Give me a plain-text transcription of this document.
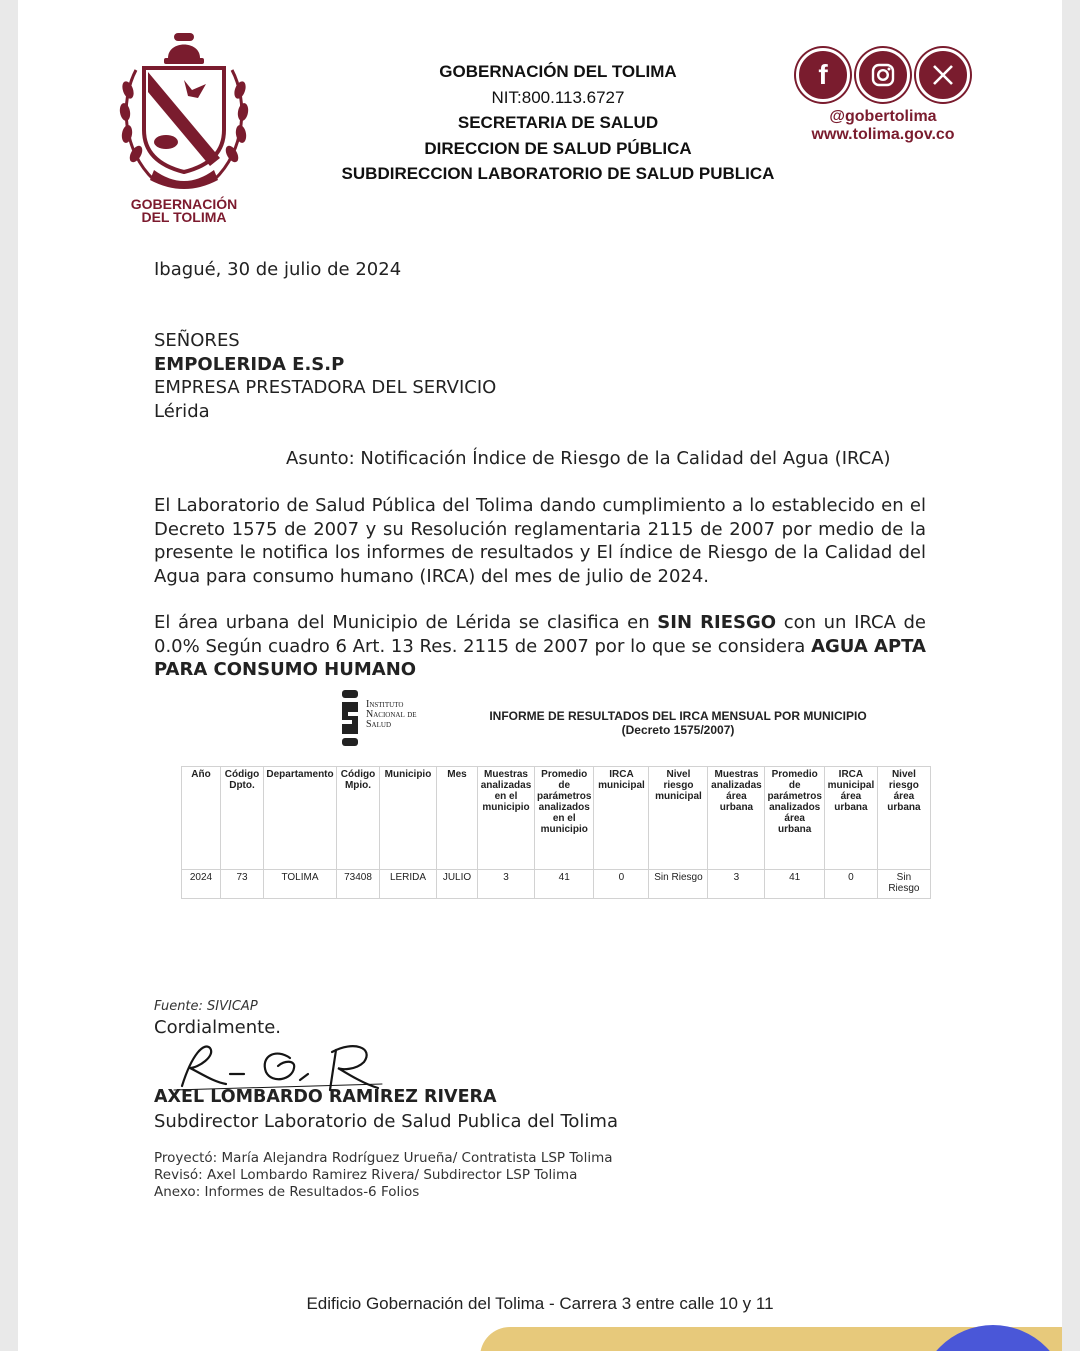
GOBERNACIÓN
DEL TOLIMA
GOBERNACIÓN DEL TOLIMA
NIT:800.113.6727
SECRETARIA DE SALUD
DIRECCION DE SALUD PÚBLICA
SUBDIRECCION LABORATORIO DE SALUD PUBLICA
f
@gobertolima
www.tolima.gov.co
Ibagué, 30 de julio de 2024
SEÑORES
EMPOLERIDA E.S.P
EMPRESA PRESTADORA DEL SERVICIO
Lérida
Asunto: Notificación Índice de Riesgo de la Calidad del Agua (IRCA)
El Laboratorio de Salud Pública del Tolima dando cumplimiento a lo establecido en el Decreto 1575 de 2007 y su Resolución reglamentaria 2115 de 2007 por medio de la presente le notifica los informes de resultados y El índice de Riesgo de la Calidad del Agua para consumo humano (IRCA) del mes de julio de 2024.
El área urbana del Municipio de Lérida se clasifica en SIN RIESGO con un IRCA de 0.0% Según cuadro 6 Art. 13 Res. 2115 de 2007 por lo que se considera AGUA APTA PARA CONSUMO HUMANO
Instituto
Nacional de
Salud
INFORME DE RESULTADOS DEL IRCA MENSUAL POR MUNICIPIO
(Decreto 1575/2007)
Año	Código Dpto.	Departamento	Código Mpio.	Municipio	Mes	Muestras analizadas en el municipio	Promedio de parámetros analizados en el municipio	IRCA municipal	Nivel riesgo municipal	Muestras analizadas área urbana	Promedio de parámetros analizados área urbana	IRCA municipal área urbana	Nivel riesgo área urbana
2024	73	TOLIMA	73408	LERIDA	JULIO	3	41	0	Sin Riesgo	3	41	0	Sin Riesgo
Fuente: SIVICAP
Cordialmente.
AXEL LOMBARDO RAMIREZ RIVERA
Subdirector Laboratorio de Salud Publica del Tolima
Proyectó: María Alejandra Rodríguez Urueña/ Contratista LSP Tolima
Revisó: Axel Lombardo Ramirez Rivera/ Subdirector LSP Tolima
Anexo: Informes de Resultados-6 Folios
Edificio Gobernación del Tolima - Carrera 3 entre calle 10 y 11
